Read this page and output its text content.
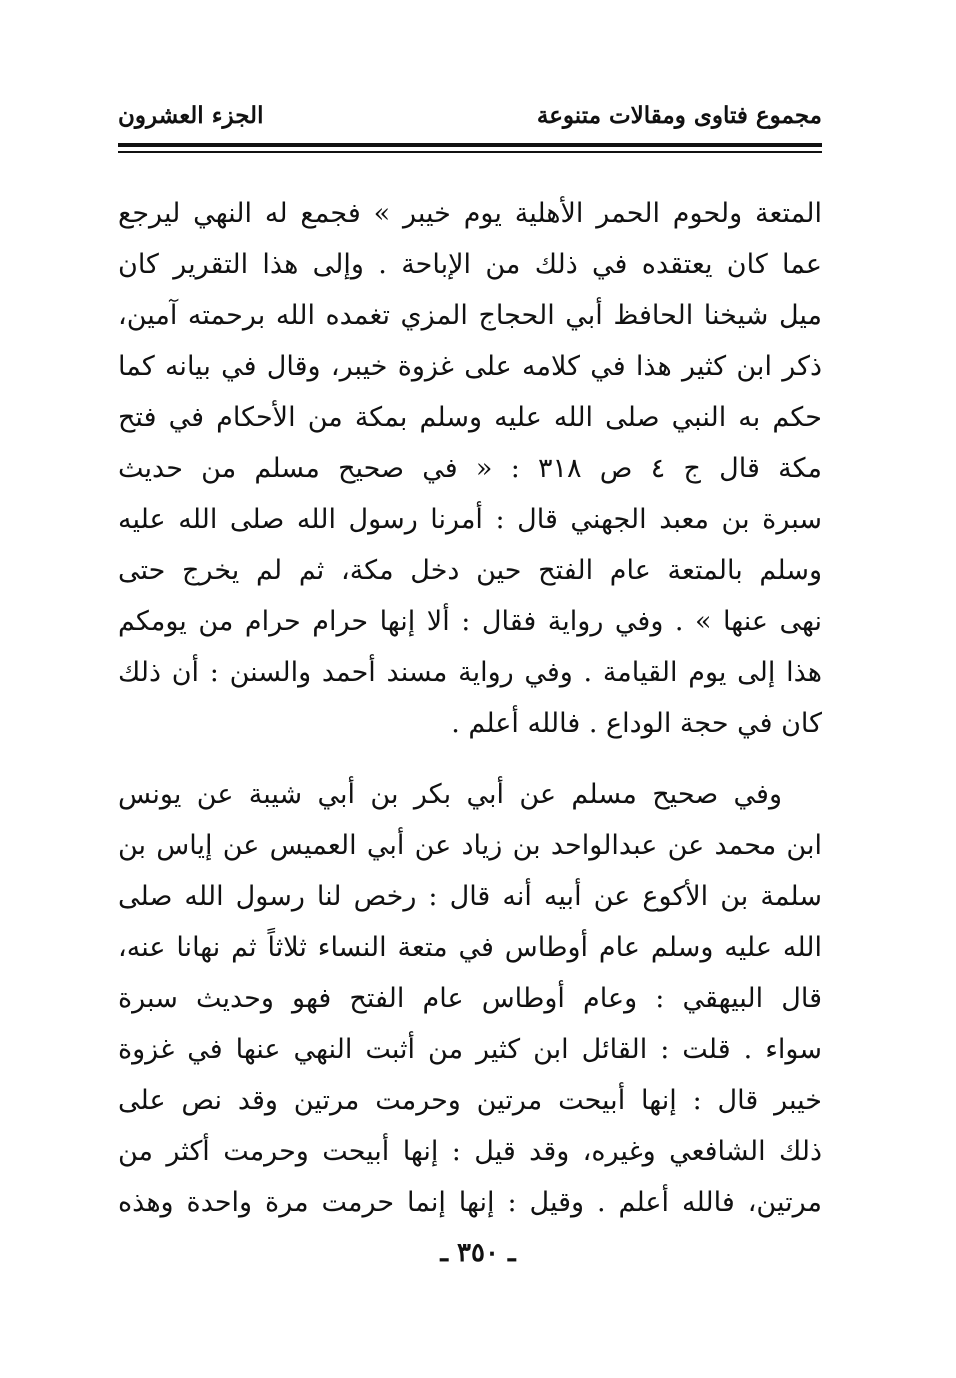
مجموع فتاوى ومقالات متنوعة
الجزء العشرون
المتعة ولحوم الحمر الأهلية يوم خيبر » فجمع له النهي ليرجع
عما كان يعتقده في ذلك من الإباحة . وإلى هذا التقرير كان
ميل شيخنا الحافظ أبي الحجاج المزي تغمده الله برحمته آمين،
ذكر ابن كثير هذا في كلامه على غزوة خيبر، وقال في بيانه كما
حكم به النبي صلى الله عليه وسلم بمكة من الأحكام في فتح
مكة قال ج ٤ ص ٣١٨ : « في صحيح مسلم من حديث
سبرة بن معبد الجهني قال : أمرنا رسول الله صلى الله عليه
وسلم بالمتعة عام الفتح حين دخل مكة، ثم لم يخرج حتى
نهى عنها » . وفي رواية فقال : ألا إنها حرام حرام من يومكم
هذا إلى يوم القيامة . وفي رواية مسند أحمد والسنن : أن ذلك
كان في حجة الوداع . فالله أعلم .
وفي صحيح مسلم عن أبي بكر بن أبي شيبة عن يونس
ابن محمد عن عبدالواحد بن زياد عن أبي العميس عن إياس بن
سلمة بن الأكوع عن أبيه أنه قال : رخص لنا رسول الله صلى
الله عليه وسلم عام أوطاس في متعة النساء ثلاثاً ثم نهانا عنه،
قال البيهقي : وعام أوطاس عام الفتح فهو وحديث سبرة
سواء . قلت : القائل ابن كثير من أثبت النهي عنها في غزوة
خيبر قال : إنها أبيحت مرتين وحرمت مرتين وقد نص على
ذلك الشافعي وغيره، وقد قيل : إنها أبيحت وحرمت أكثر من
مرتين، فالله أعلم . وقيل : إنها إنما حرمت مرة واحدة وهذه
ـ ٣٥٠ ـ
